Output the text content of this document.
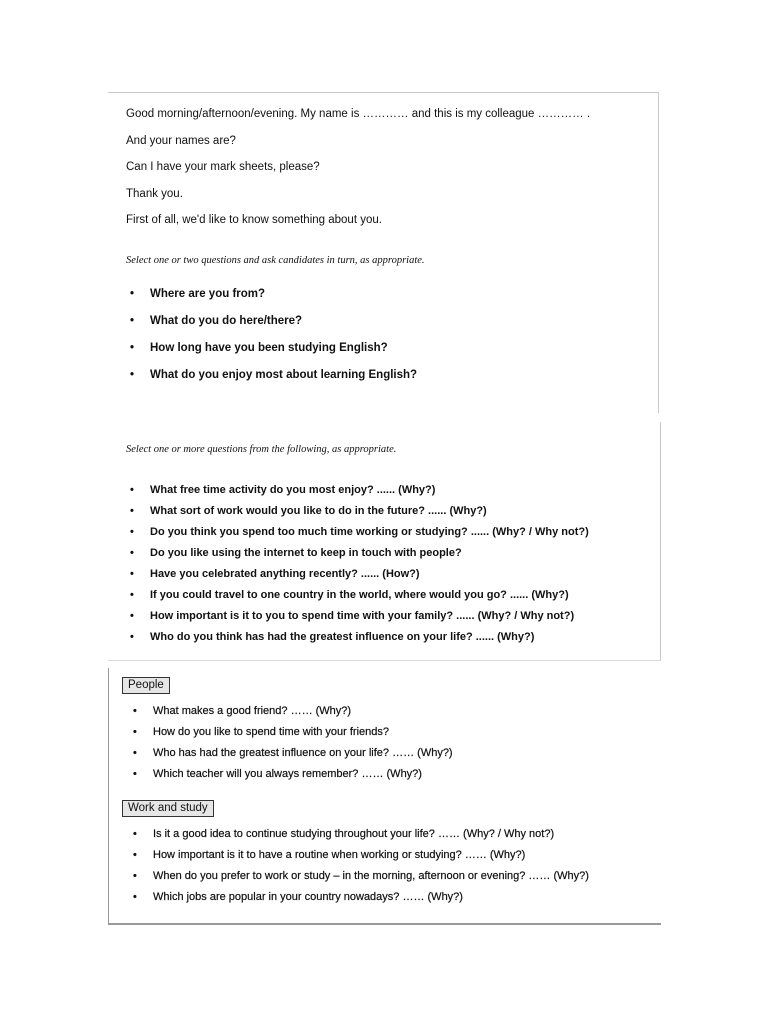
Good morning/afternoon/evening. My name is ………… and this is my colleague ………… .
And your names are?
Can I have your mark sheets, please?
Thank you.
First of all, we'd like to know something about you.
Select one or two questions and ask candidates in turn, as appropriate.
• Where are you from?
• What do you do here/there?
• How long have you been studying English?
• What do you enjoy most about learning English?
Select one or more questions from the following, as appropriate.
• What free time activity do you most enjoy? ...... (Why?)
• What sort of work would you like to do in the future? ...... (Why?)
• Do you think you spend too much time working or studying? ...... (Why? / Why not?)
• Do you like using the internet to keep in touch with people?
• Have you celebrated anything recently? ...... (How?)
• If you could travel to one country in the world, where would you go? ...... (Why?)
• How important is it to you to spend time with your family? ...... (Why? / Why not?)
• Who do you think has had the greatest influence on your life? ...... (Why?)
People
• What makes a good friend? …… (Why?)
• How do you like to spend time with your friends?
• Who has had the greatest influence on your life? …… (Why?)
• Which teacher will you always remember? …… (Why?)
Work and study
• Is it a good idea to continue studying throughout your life? …… (Why? / Why not?)
• How important is it to have a routine when working or studying? …… (Why?)
• When do you prefer to work or study – in the morning, afternoon or evening? …… (Why?)
• Which jobs are popular in your country nowadays? …… (Why?)
